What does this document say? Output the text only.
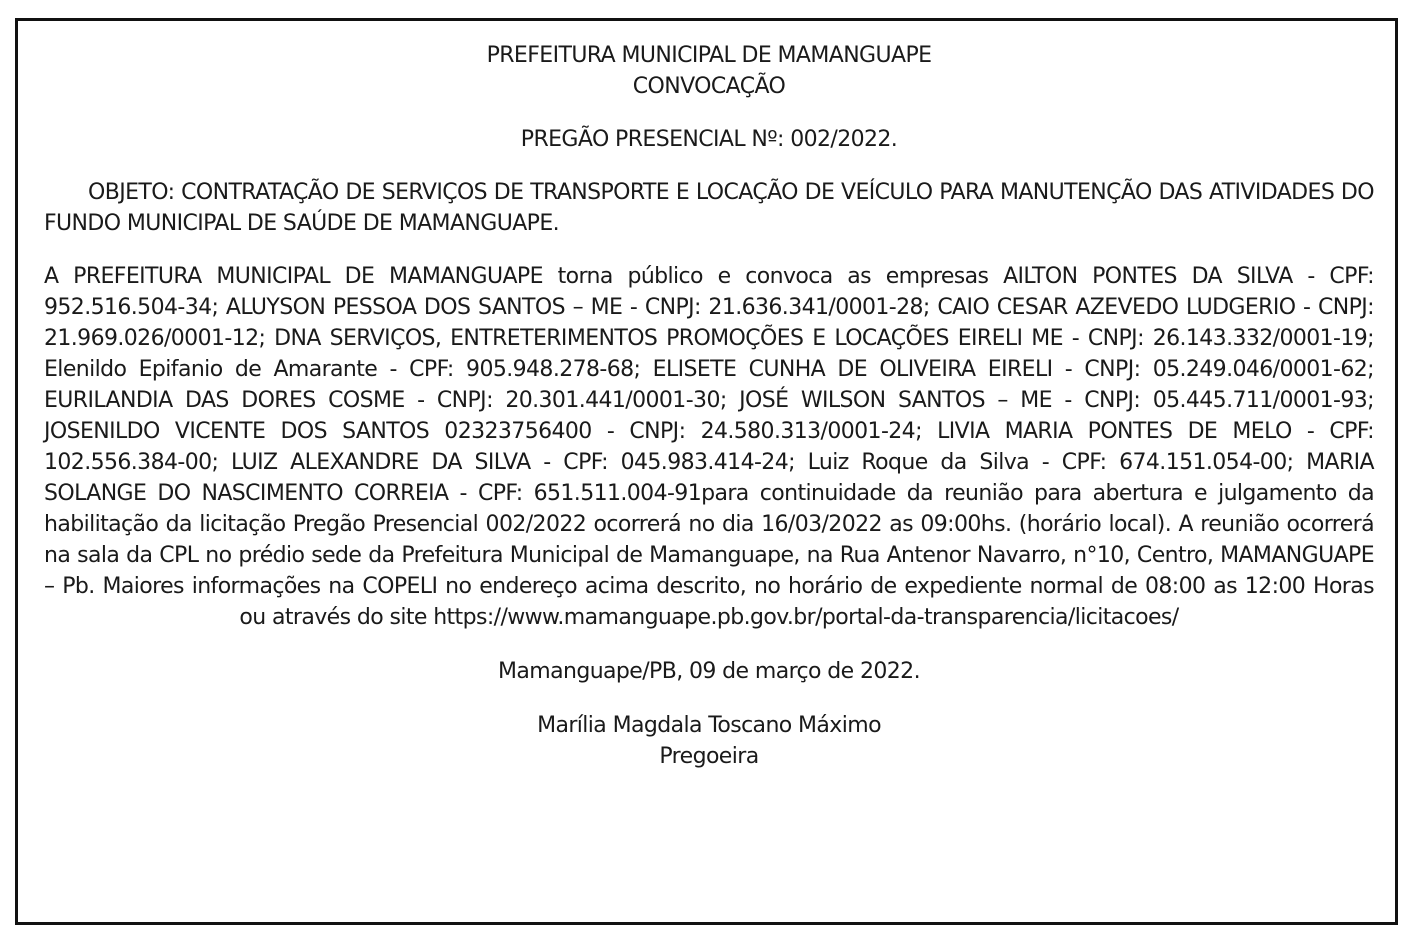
PREFEITURA MUNICIPAL DE MAMANGUAPE
CONVOCAÇÃO
PREGÃO PRESENCIAL Nº: 002/2022.
OBJETO: CONTRATAÇÃO DE SERVIÇOS DE TRANSPORTE E LOCAÇÃO DE VEÍCULO PARA MANUTENÇÃO DAS ATIVIDADES DO FUNDO MUNICIPAL DE SAÚDE DE MAMANGUAPE.
A PREFEITURA MUNICIPAL DE MAMANGUAPE torna público e convoca as empresas AILTON PONTES DA SILVA - CPF: 952.516.504-34; ALUYSON PESSOA DOS SANTOS – ME - CNPJ: 21.636.341/0001-28; CAIO CESAR AZEVEDO LUDGERIO - CNPJ: 21.969.026/0001-12; DNA SERVIÇOS, ENTRETERIMENTOS PROMOÇÕES E LOCAÇÕES EIRELI ME - CNPJ: 26.143.332/0001-19; Elenildo Epifanio de Amarante - CPF: 905.948.278-68; ELISETE CUNHA DE OLIVEIRA EIRELI - CNPJ: 05.249.046/0001-62; EURILANDIA DAS DORES COSME - CNPJ: 20.301.441/0001-30; JOSÉ WILSON SANTOS – ME - CNPJ: 05.445.711/0001-93; JOSENILDO VICENTE DOS SANTOS 02323756400 - CNPJ: 24.580.313/0001-24; LIVIA MARIA PONTES DE MELO - CPF: 102.556.384-00; LUIZ ALEXANDRE DA SILVA - CPF: 045.983.414-24; Luiz Roque da Silva - CPF: 674.151.054-00; MARIA SOLANGE DO NASCIMENTO CORREIA - CPF: 651.511.004-91para continuidade da reunião para abertura e julgamento da habilitação da licitação Pregão Presencial 002/2022 ocorrerá no dia 16/03/2022 as 09:00hs. (horário local). A reunião ocorrerá na sala da CPL no prédio sede da Prefeitura Municipal de Mamanguape, na Rua Antenor Navarro, n°10, Centro, MAMANGUAPE – Pb. Maiores informações na COPELI no endereço acima descrito, no horário de expediente normal de 08:00 as 12:00 Horas ou através do site https://www.mamanguape.pb.gov.br/portal-da-transparencia/licitacoes/
Mamanguape/PB, 09 de março de 2022.
Marília Magdala Toscano Máximo
Pregoeira
